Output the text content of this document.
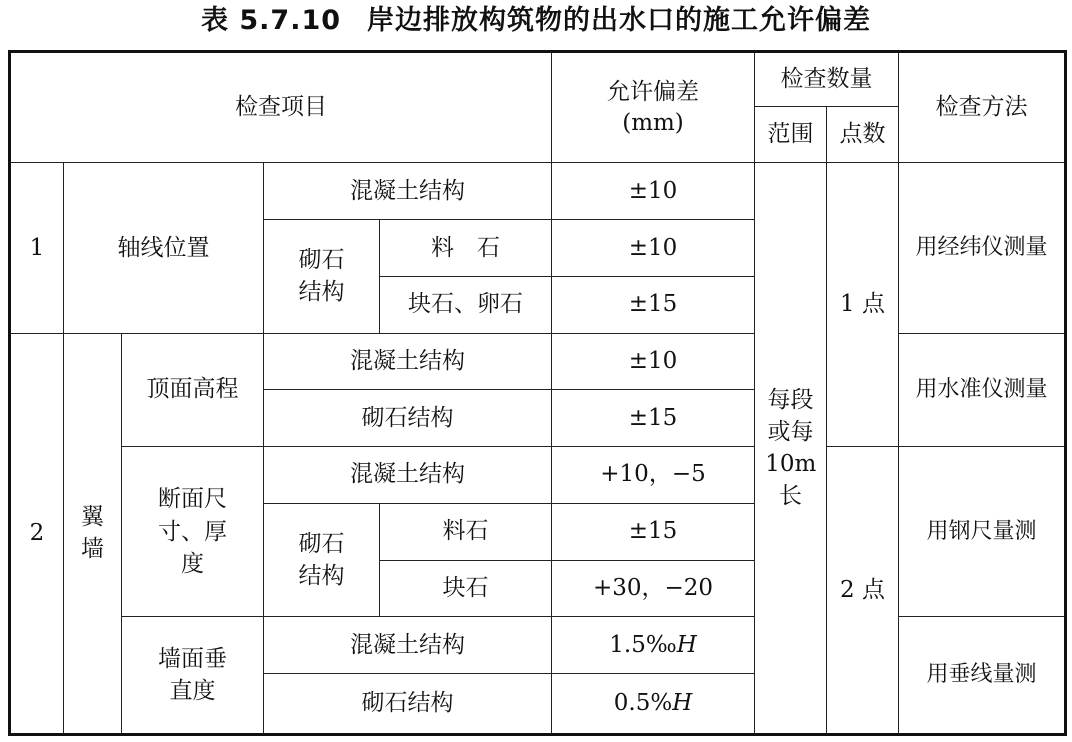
表 5.7.10 岸边排放构筑物的出水口的施工允许偏差
检查项目					允许偏差
(mm)	检查数量		检查方法
						范围	点数	
1	轴线位置		混凝土结构		±10	每段或每10m长	1 点	用经纬仪测量
			砌石结构	料　石	±10			
				块石、卵石	±15			
2	翼墙	顶面高程	混凝土结构		±10			用水准仪测量
			砌石结构		±15			
		断面尺寸、厚度	混凝土结构		+10，−5		2 点	用钢尺量测
			砌石结构	料石	±15			
				块石	+30，−20			
		墙面垂直度	混凝土结构		1.5‰H			用垂线量测
			砌石结构		0.5%H			
